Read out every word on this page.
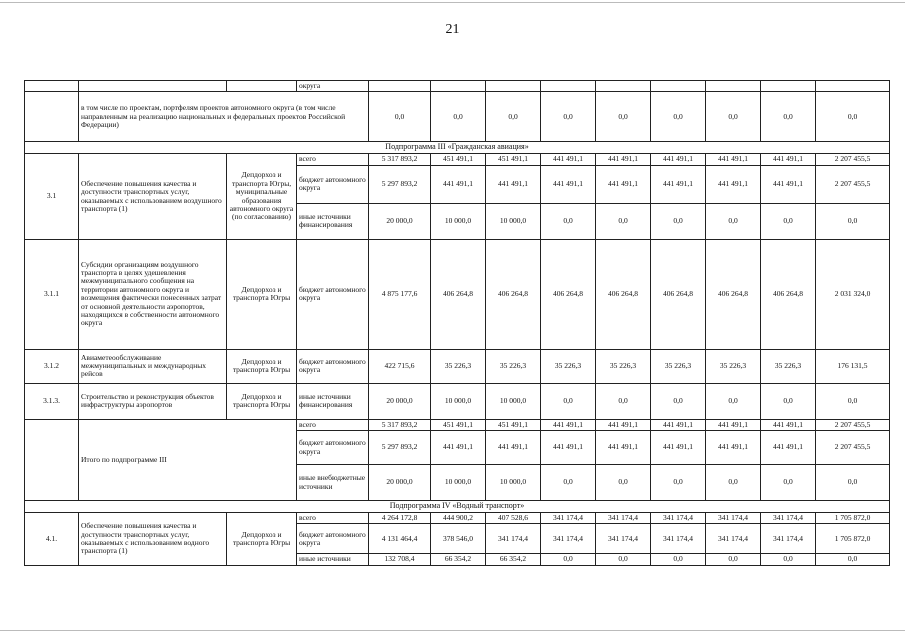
21
			округа									
	в том числе по проектам, портфелям проектов автономного округа (в том числе направленным на реализацию национальных и федеральных проектов Российской Федерации)			0,0	0,0	0,0	0,0	0,0	0,0	0,0	0,0	0,0
Подпрограмма III «Гражданская авиация»												
3.1	Обеспечение повышения качества и доступности транспортных услуг, оказываемых с использованием воздушного транспорта (1)	Депдорхоз и транспорта Югры, муниципальные образования автономного округа (по согласованию)	всего	5 317 893,2	451 491,1	451 491,1	441 491,1	441 491,1	441 491,1	441 491,1	441 491,1	2 207 455,5
			бюджет автономного округа	5 297 893,2	441 491,1	441 491,1	441 491,1	441 491,1	441 491,1	441 491,1	441 491,1	2 207 455,5
			иные источники финансирования	20 000,0	10 000,0	10 000,0	0,0	0,0	0,0	0,0	0,0	0,0
3.1.1	Субсидии организациям воздушного транспорта в целях удешевления межмуниципального сообщения на территории автономного округа и возмещения фактически понесенных затрат от основной деятельности аэропортов, находящихся в собственности автономного округа	Депдорхоз и транспорта Югры	бюджет автономного округа	4 875 177,6	406 264,8	406 264,8	406 264,8	406 264,8	406 264,8	406 264,8	406 264,8	2 031 324,0
3.1.2	Авиаметеообслуживание межмуниципальных и международных рейсов	Депдорхоз и транспорта Югры	бюджет автономного округа	422 715,6	35 226,3	35 226,3	35 226,3	35 226,3	35 226,3	35 226,3	35 226,3	176 131,5
3.1.3.	Строительство и реконструкция объектов инфраструктуры аэропортов	Депдорхоз и транспорта Югры	иные источники финансирования	20 000,0	10 000,0	10 000,0	0,0	0,0	0,0	0,0	0,0	0,0
	Итого по подпрограмме III		всего	5 317 893,2	451 491,1	451 491,1	441 491,1	441 491,1	441 491,1	441 491,1	441 491,1	2 207 455,5
			бюджет автономного округа	5 297 893,2	441 491,1	441 491,1	441 491,1	441 491,1	441 491,1	441 491,1	441 491,1	2 207 455,5
			иные внебюджетные источники	20 000,0	10 000,0	10 000,0	0,0	0,0	0,0	0,0	0,0	0,0
Подпрограмма IV «Водный транспорт»												
4.1.	Обеспечение повышения качества и доступности транспортных услуг, оказываемых с использованием водного транспорта (1)	Депдорхоз и транспорта Югры	всего	4 264 172,8	444 900,2	407 528,6	341 174,4	341 174,4	341 174,4	341 174,4	341 174,4	1 705 872,0
			бюджет автономного округа	4 131 464,4	378 546,0	341 174,4	341 174,4	341 174,4	341 174,4	341 174,4	341 174,4	1 705 872,0
			иные источники	132 708,4	66 354,2	66 354,2	0,0	0,0	0,0	0,0	0,0	0,0
